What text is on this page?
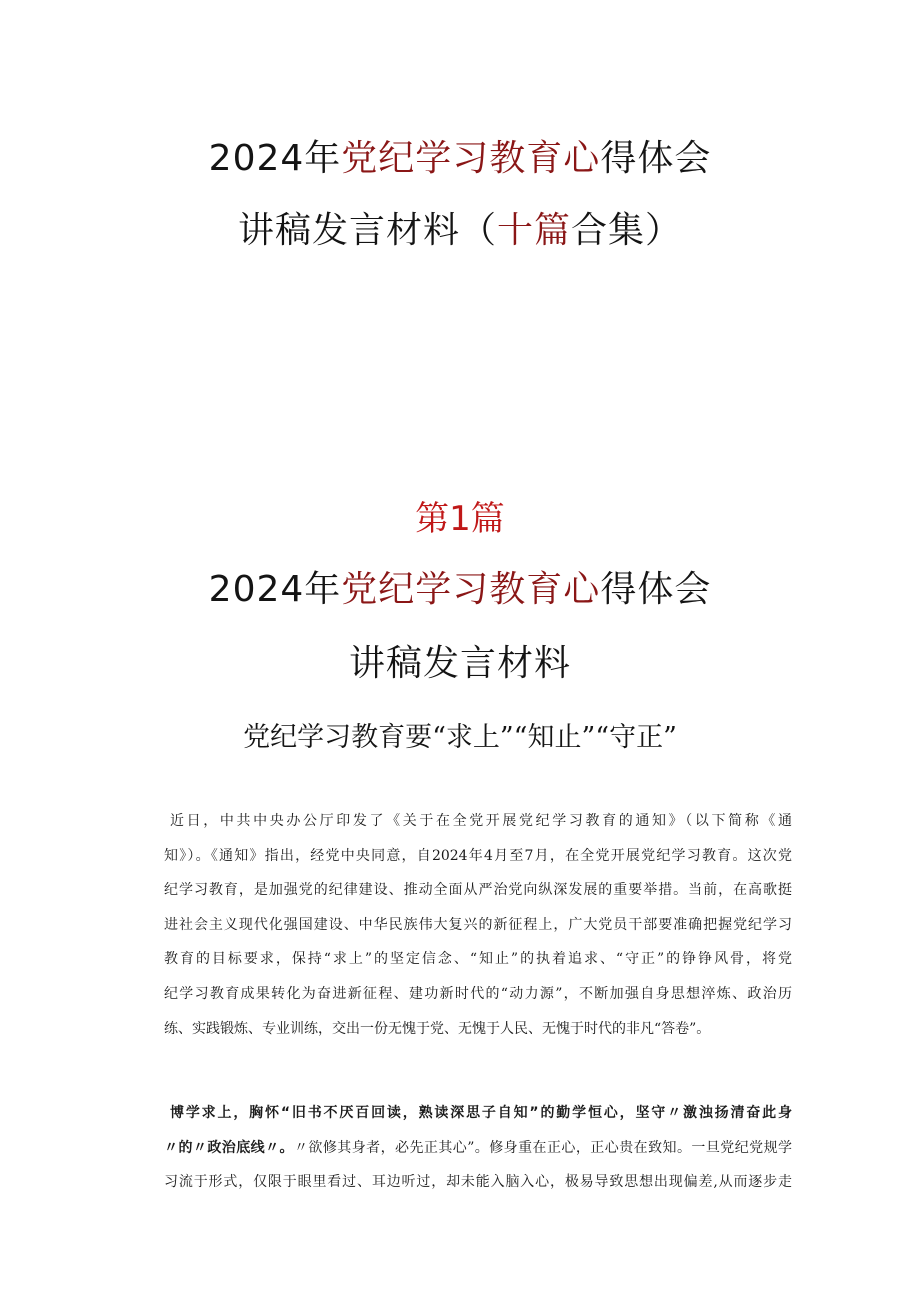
2024年党纪学习教育心得体会
讲稿发言材料（十篇合集）
第1篇
2024年党纪学习教育心得体会
讲稿发言材料
党纪学习教育要“求上”“知止”“守正”
近日，中共中央办公厅印发了《关于在全党开展党纪学习教育的通知》（以下简称《通
知》）。《通知》指出，经党中央同意，自2024年4月至7月，在全党开展党纪学习教育。这次党
纪学习教育，是加强党的纪律建设、推动全面从严治党向纵深发展的重要举措。当前，在高歌挺
进社会主义现代化强国建设、中华民族伟大复兴的新征程上，广大党员干部要准确把握党纪学习
教育的目标要求，保持“求上”的坚定信念、“知止”的执着追求、“守正”的铮铮风骨，将党
纪学习教育成果转化为奋进新征程、建功新时代的“动力源”，不断加强自身思想淬炼、政治历
练、实践锻炼、专业训练，交出一份无愧于党、无愧于人民、无愧于时代的非凡“答卷”。
博学求上，胸怀“旧书不厌百回读，熟读深思子自知”的勤学恒心，坚守〃激浊扬清奋此身
〃的〃政治底线〃。〃欲修其身者，必先正其心”。修身重在正心，正心贵在致知。一旦党纪党规学
习流于形式，仅限于眼里看过、耳边听过，却未能入脑入心，极易导致思想出现偏差,从而逐步走
